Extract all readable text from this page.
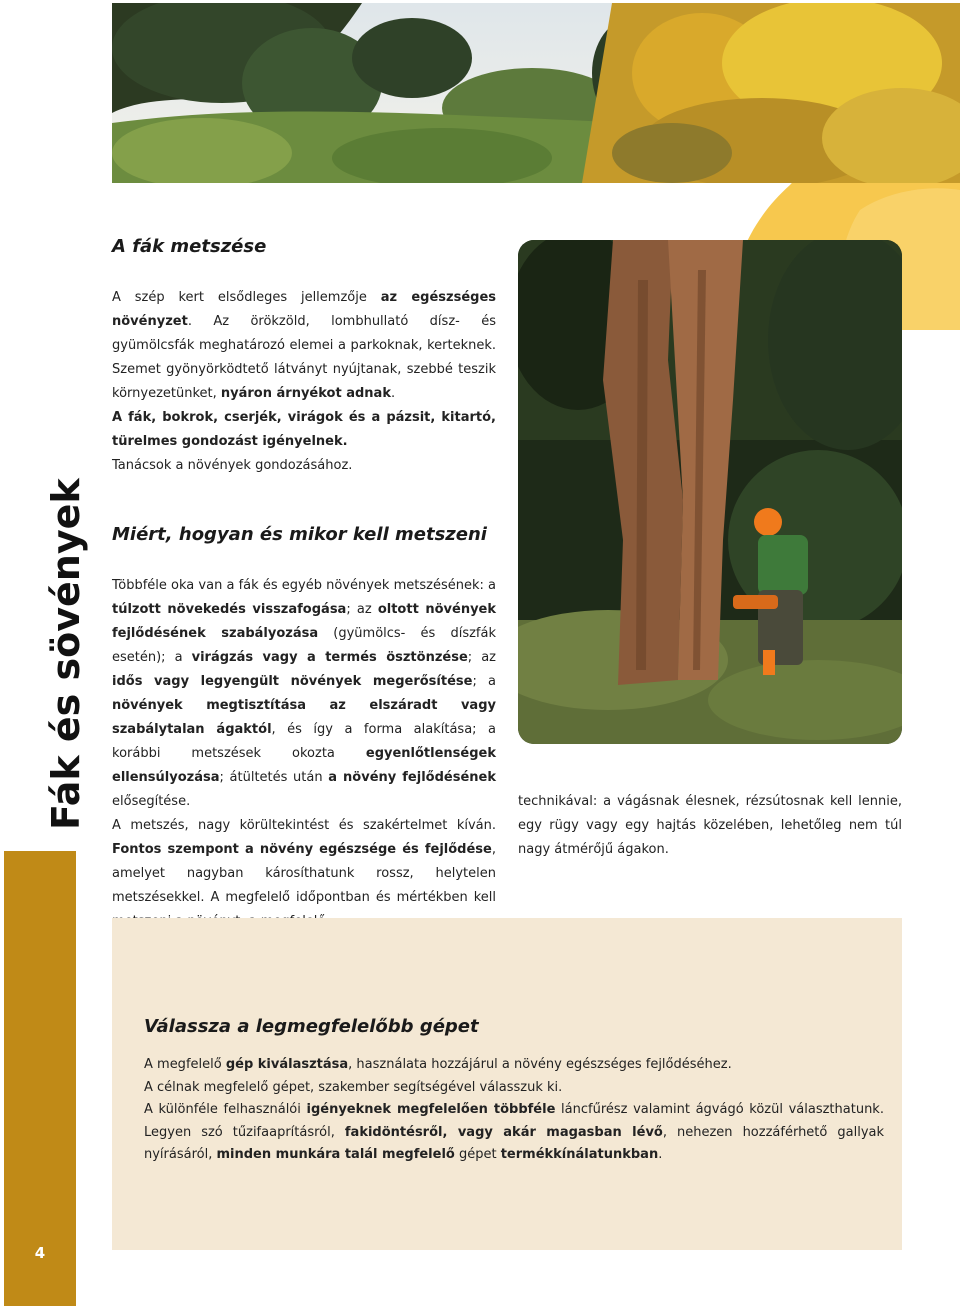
Fák és sövények
4
A fák metszése

A szép kert elsődleges jellemzője az egészséges növényzet. Az örökzöld, lombhullató dísz- és gyümölcsfák meghatározó elemei a parkoknak, kerteknek. Szemet gyönyörködtető látványt nyújtanak, szebbé teszik környezetünket, nyáron árnyékot adnak.

A fák, bokrok, cserjék, virágok és a pázsit, kitartó, türelmes gondozást igényelnek.

Tanácsok a növények gondozásához.

Miért, hogyan és mikor kell metszeni

Többféle oka van a fák és egyéb növények metszésének: a túlzott növekedés visszafogása; az oltott növények fejlődésének szabályozása (gyümölcs- és díszfák esetén); a virágzás vagy a termés ösztönzése; az idős vagy legyengült növények megerősítése; a növények megtisztítása az elszáradt vagy szabálytalan ágaktól, és így a forma alakítása; a korábbi metszések okozta egyenlőtlenségek ellensúlyozása; átültetés után a növény fejlődésének elősegítése.

A metszés, nagy körültekintést és szakértelmet kíván. Fontos szempont a növény egészsége és fejlődése, amelyet nagyban károsíthatunk rossz, helytelen metszésekkel. A megfelelő időpontban és mértékben kell

technikával: a vágásnak élesnek, rézsútosnak kell lennie, egy rügy vagy egy hajtás közelében, lehetőleg nem túl nagy átmérőjű ágakon.

Válassza a legmegfelelőbb gépet

A megfelelő gép kiválasztása, használata hozzájárul a növény egészséges fejlődéséhez.

A célnak megfelelő gépet, szakember segítségével válasszuk ki.

A különféle felhasználói igényeknek megfelelően többféle láncfűrész valamint ágvágó közül választhatunk. Legyen szó tűzifaaprításról, fakidöntésről, vagy akár magasban lévő, nehezen hozzáférhető gallyak nyírásáról, minden munkára talál megfelelő gépet termékkínálatunkban.
